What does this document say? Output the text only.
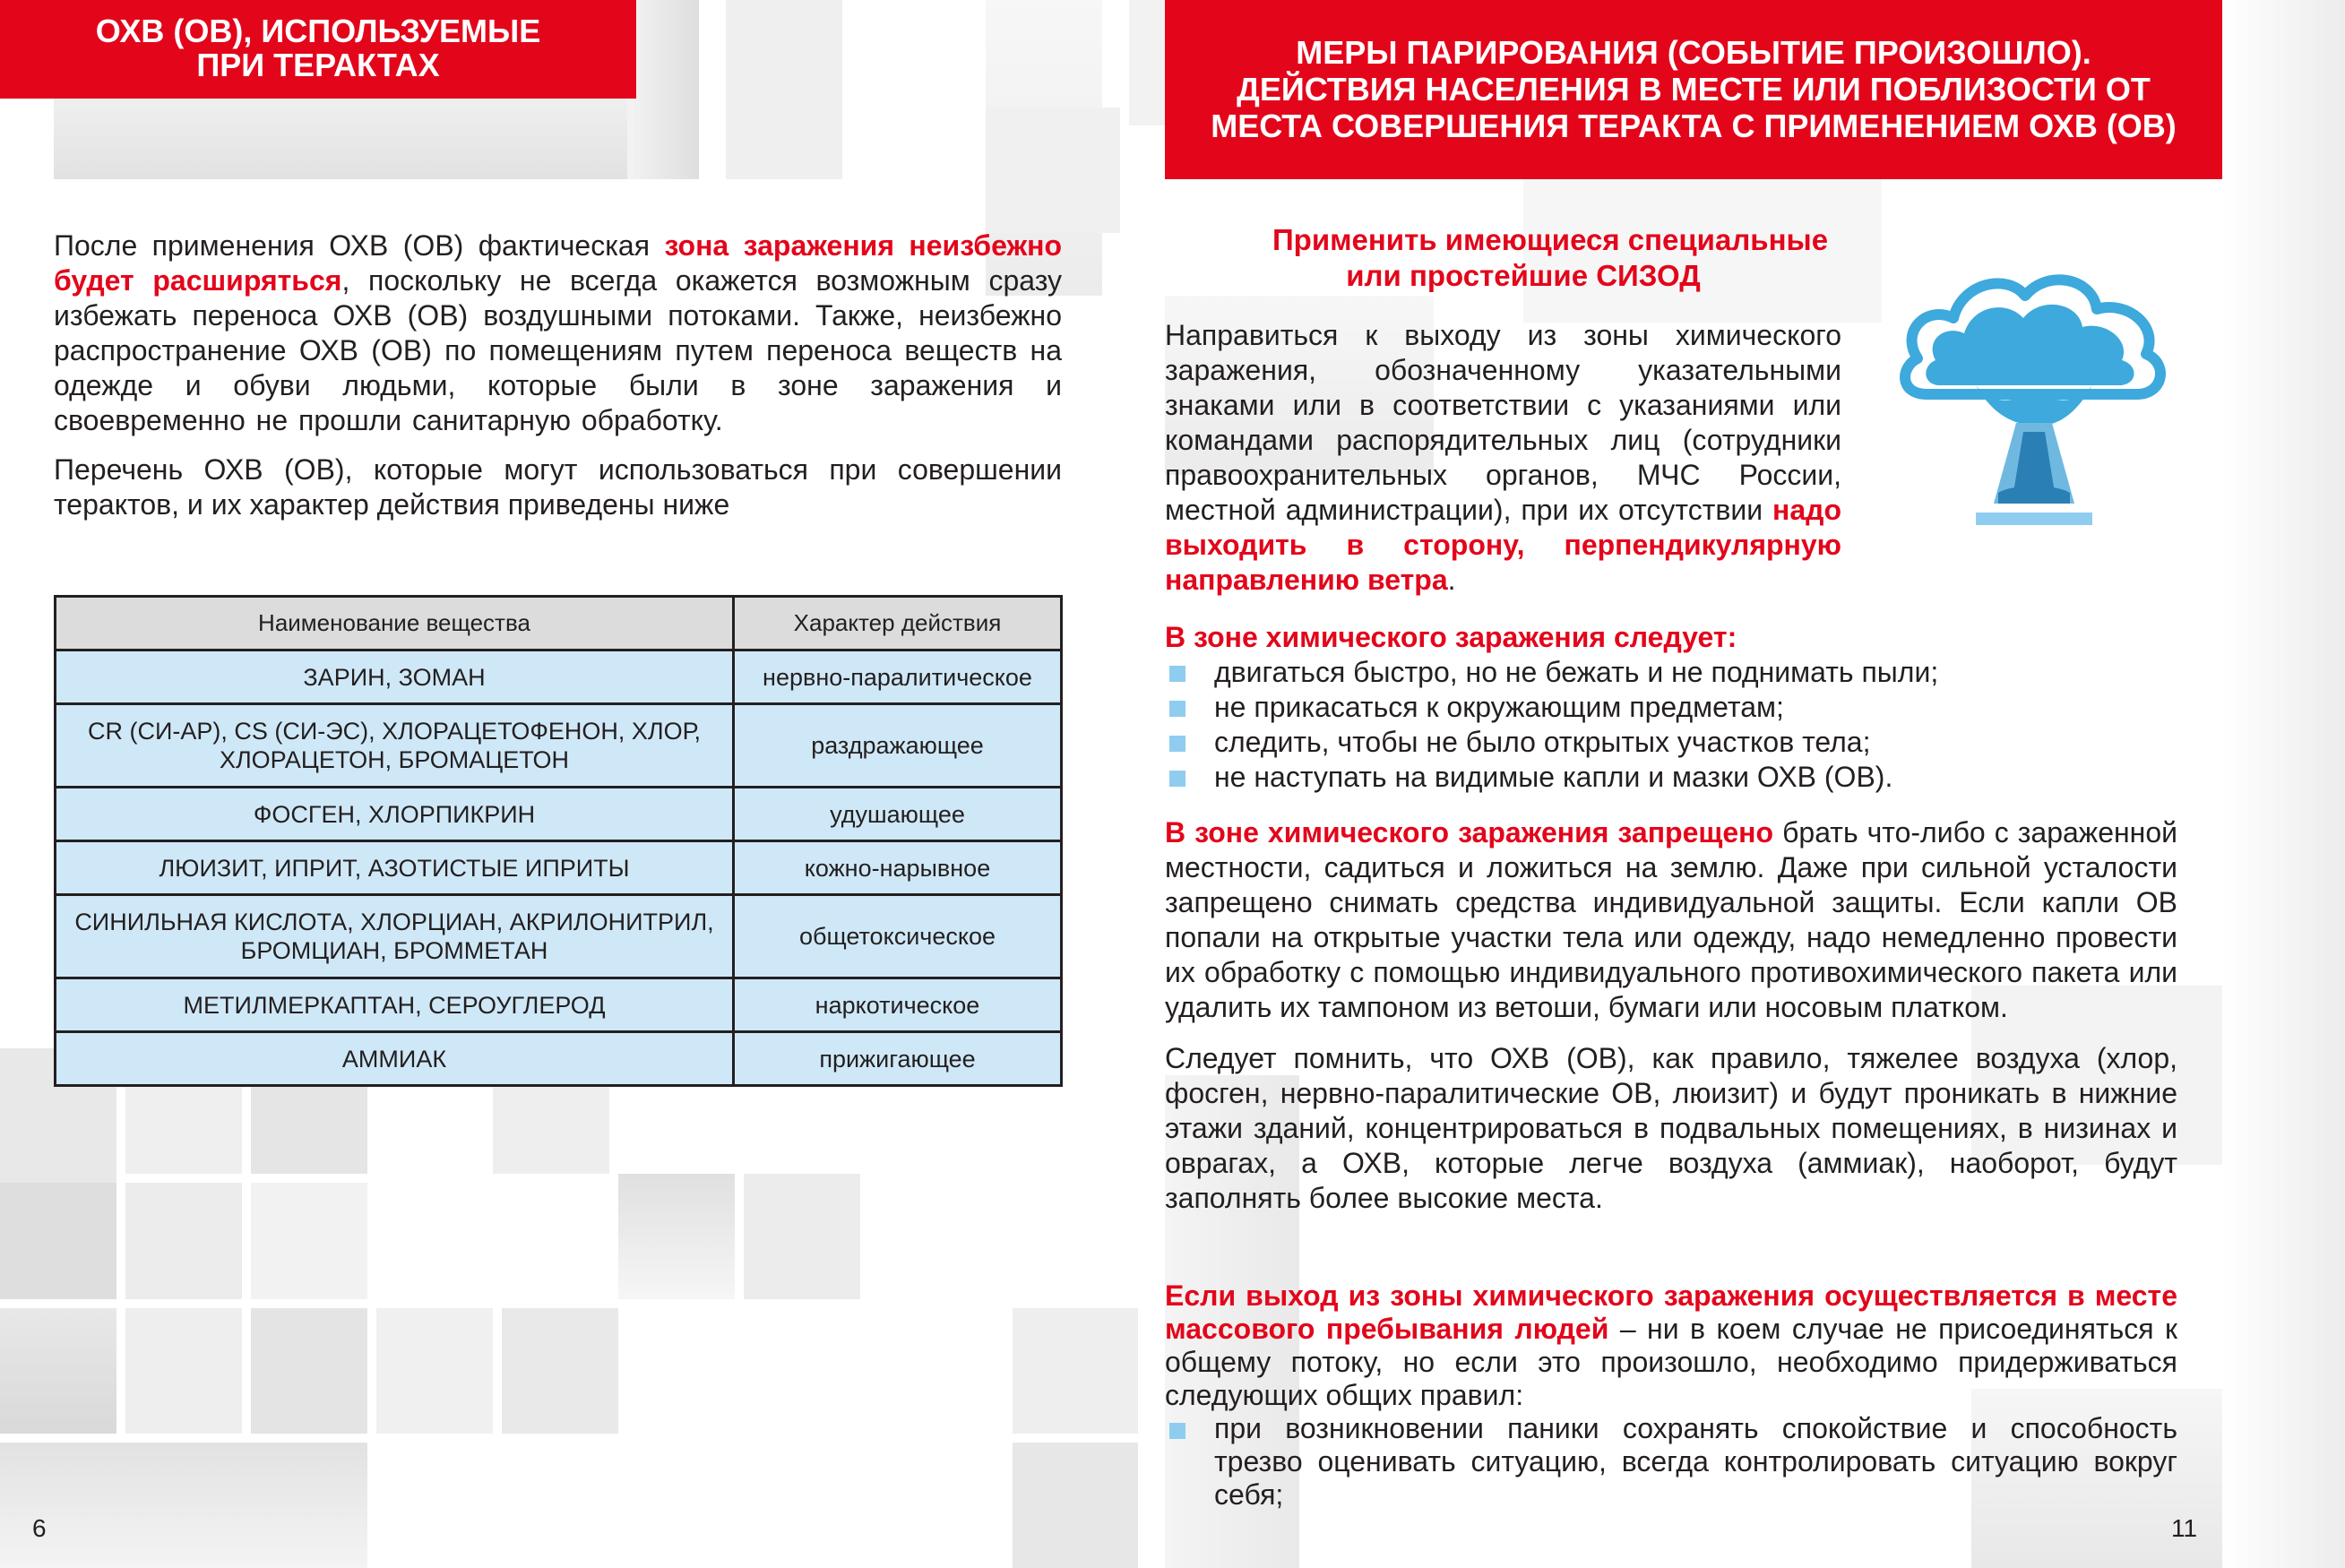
ОХВ (ОВ), ИСПОЛЬЗУЕМЫЕ
ПРИ ТЕРАКТАХ

После применения ОХВ (ОВ) фактическая зона заражения неизбежно будет расширяться, поскольку не всегда окажется возможным сразу избежать переноса ОХВ (ОВ) воздушными потоками. Также, неизбежно распространение ОХВ (ОВ) по помещениям путем переноса веществ на одежде и обуви людьми, которые были в зоне заражения и своевременно не прошли санитарную обработку.

Перечень ОХВ (ОВ), которые могут использоваться при совершении терактов, и их характер действия приведены ниже

Наименование вещества	Характер действия
ЗАРИН, ЗОМАН	нервно-паралитическое
CR (СИ-АР), CS (СИ-ЭС), ХЛОРАЦЕТОФЕНОН, ХЛОР,
ХЛОРАЦЕТОН, БРОМАЦЕТОН	раздражающее
ФОСГЕН, ХЛОРПИКРИН	удушающее
ЛЮИЗИТ, ИПРИТ, АЗОТИСТЫЕ ИПРИТЫ	кожно-нарывное
СИНИЛЬНАЯ КИСЛОТА, ХЛОРЦИАН, АКРИЛОНИТРИЛ,
БРОМЦИАН, БРОММЕТАН	общетоксическое
МЕТИЛМЕРКАПТАН, СЕРОУГЛЕРОД	наркотическое
АММИАК	прижигающее
6
МЕРЫ ПАРИРОВАНИЯ (СОБЫТИЕ ПРОИЗОШЛО).
ДЕЙСТВИЯ НАСЕЛЕНИЯ В МЕСТЕ ИЛИ ПОБЛИЗОСТИ ОТ
МЕСТА СОВЕРШЕНИЯ ТЕРАКТА С ПРИМЕНЕНИЕМ ОХВ (ОВ)
Применить имеющиеся специальные
или простейшие СИЗОД

Направиться к выходу из зоны химического заражения, обозначенному указательными знаками или в соответствии с указаниями или командами распорядительных лиц (сотрудники правоохранительных органов, МЧС России, местной администрации), при их отсутствии надо выходить в сторону, перпендикулярную направлению ветра.

В зоне химического заражения следует:
двигаться быстро, но не бежать и не поднимать пыли;
не прикасаться к окружающим предметам;
следить, чтобы не было открытых участков тела;
не наступать на видимые капли и мазки ОХВ (ОВ).

В зоне химического заражения запрещено брать что-либо с зараженной местности, садиться и ложиться на землю. Даже при сильной усталости запрещено снимать средства индивидуальной защиты. Если капли ОВ попали на открытые участки тела или одежду, надо немедленно провести их обработку с помощью индивидуального противохимического пакета или удалить их тампоном из ветоши, бумаги или носовым платком.

Следует помнить, что ОХВ (ОВ), как правило, тяжелее воздуха (хлор, фосген, нервно-паралитические ОВ, люизит) и будут проникать в нижние этажи зданий, концентрироваться в подвальных помещениях, в низинах и оврагах, а ОХВ, которые легче воздуха (аммиак), наоборот, будут заполнять более высокие места.

Если выход из зоны химического заражения осуществляется в месте массового пребывания людей – ни в коем случае не присоединяться к общему потоку, но если это произошло, необходимо придерживаться следующих общих правил:

при возникновении паники сохранять спокойствие и способность трезво оценивать ситуацию, всегда контролировать ситуацию вокруг себя;
11
